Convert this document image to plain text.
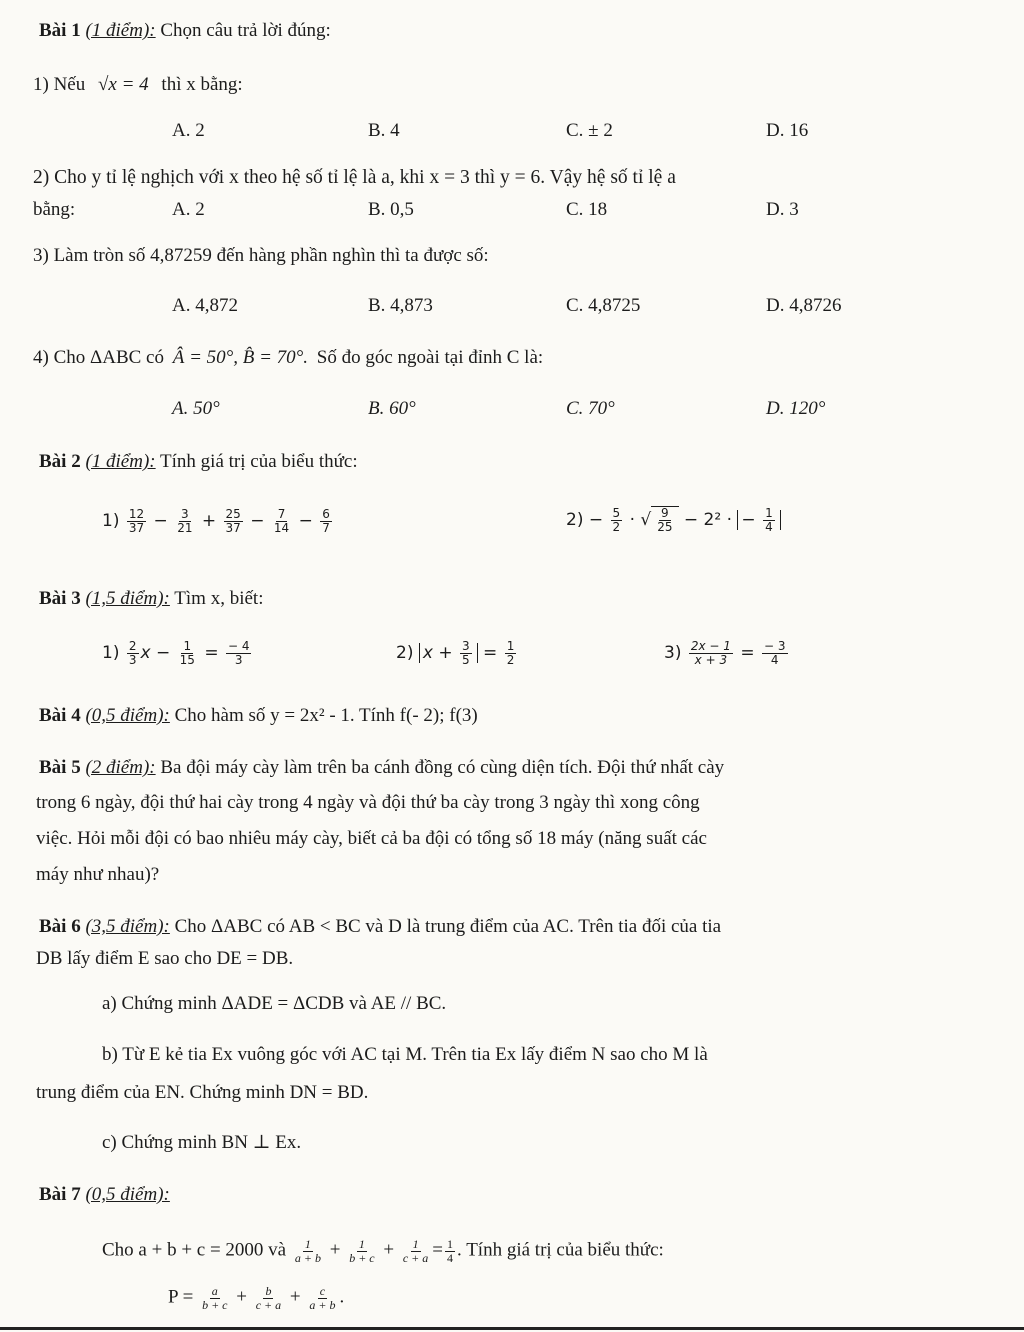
Bài 1 (1 điểm): Chọn câu trả lời đúng:
1) Nếu √x = 4 thì x bằng:
A. 2	B. 4	C. ± 2	D. 16
2) Cho y tỉ lệ nghịch với x theo hệ số tỉ lệ là a, khi x = 3 thì y = 6. Vậy hệ số tỉ lệ a
bằng:	A. 2	B. 0,5	C. 18	D. 3
3) Làm tròn số 4,87259 đến hàng phần nghìn thì ta được số:
A. 4,872	B. 4,873	C. 4,8725	D. 4,8726
4) Cho ΔABC có Â = 50°, B̂ = 70°. Số đo góc ngoài tại đỉnh C là:
A. 50°	B. 60°	C. 70°	D. 120°
Bài 2 (1 điểm): Tính giá trị của biểu thức:
$1) \frac{12}{37} - \frac{3}{21} + \frac{25}{37} - \frac{7}{14} - \frac{6}{7}$	$2) - \frac{5}{2}$ · √ $\frac{9}{25} - 2^2$ · − $\frac{1}{4}$
Bài 3 (1,5 điểm): Tìm x, biết:
$1) \frac{2}{3}$ $x - \frac{1}{15} = \frac{- 4}{3}$	2) $x + \frac{3}{5} = \frac{1}{2}$	$3) \frac{2x - 1}{x + 3} = \frac{- 3}{4}$
Bài 4 (0,5 điểm): Cho hàm số y = 2x² - 1. Tính f(- 2); f(3)
Bài 5 (2 điểm): Ba đội máy cày làm trên ba cánh đồng có cùng diện tích. Đội thứ nhất cày
trong 6 ngày, đội thứ hai cày trong 4 ngày và đội thứ ba cày trong 3 ngày thì xong công
việc. Hỏi mỗi đội có bao nhiêu máy cày, biết cả ba đội có tổng số 18 máy (năng suất các
máy như nhau)?
Bài 6 (3,5 điểm): Cho ΔABC có AB < BC và D là trung điểm của AC. Trên tia đối của tia
DB lấy điểm E sao cho DE = DB.
a) Chứng minh ΔADE = ΔCDB và AE // BC.
b) Từ E kẻ tia Ex vuông góc với AC tại M. Trên tia Ex lấy điểm N sao cho M là
trung điểm của EN. Chứng minh DN = BD.
c) Chứng minh BN ⊥ Ex.
Bài 7 (0,5 điểm):
Cho a + b + c = 2000 và $\frac{1}{a + b} + \frac{1}{b + c} + \frac{1}{c + a} = \frac{1}{4}$ . Tính giá trị của biểu thức:
$P = \frac{a}{b + c} + \frac{b}{c + a} + \frac{c}{a + b}$ .
